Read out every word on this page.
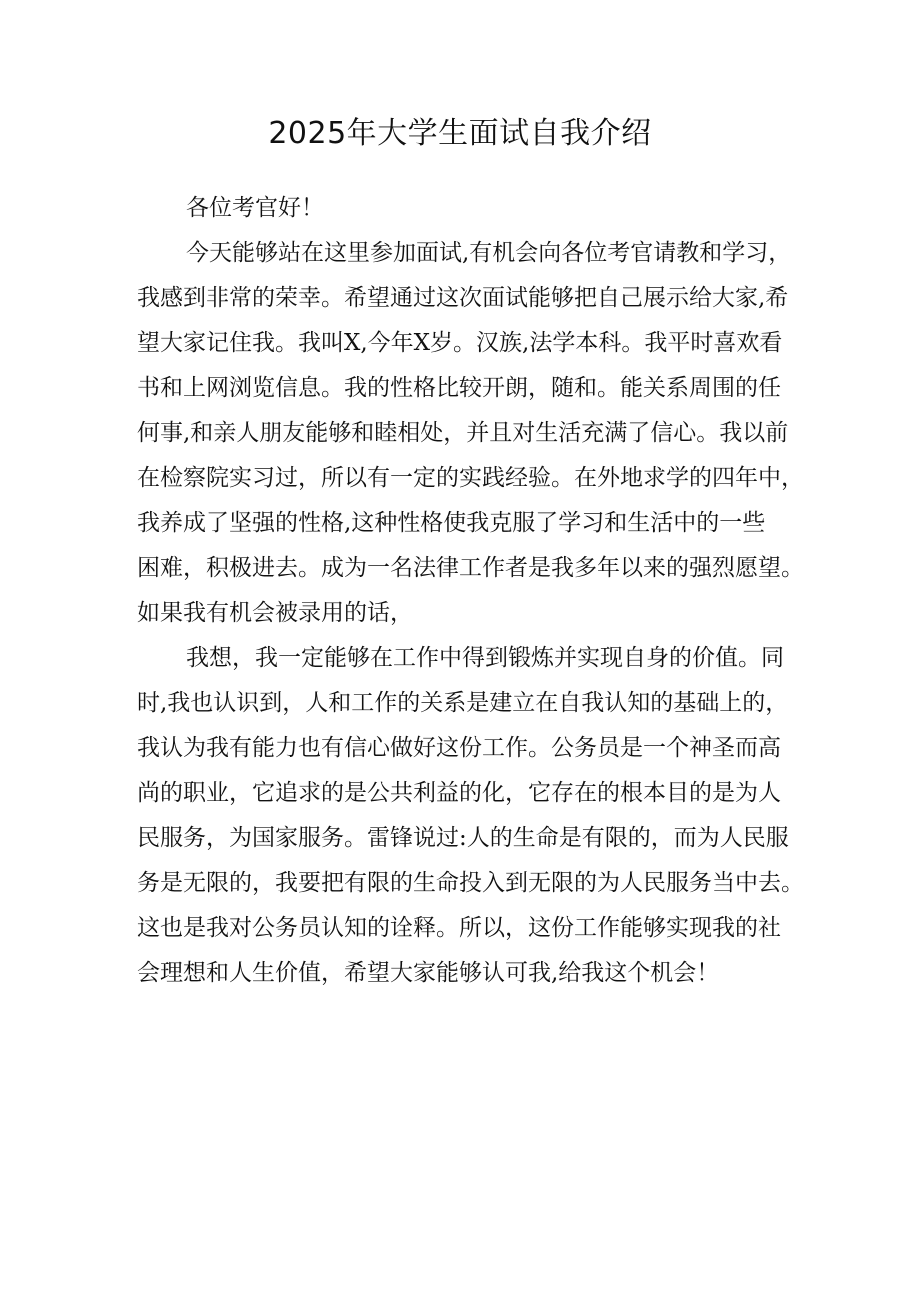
2025年大学生面试自我介绍

各位考官好！

今天能够站在这里参加面试,有机会向各位考官请教和学习，

我感到非常的荣幸。希望通过这次面试能够把自己展示给大家,希

望大家记住我。我叫X,今年X岁。汉族,法学本科。我平时喜欢看

书和上网浏览信息。我的性格比较开朗，随和。能关系周围的任

何事,和亲人朋友能够和睦相处，并且对生活充满了信心。我以前

在检察院实习过，所以有一定的实践经验。在外地求学的四年中，

我养成了坚强的性格,这种性格使我克服了学习和生活中的一些

困难，积极进去。成为一名法律工作者是我多年以来的强烈愿望。

如果我有机会被录用的话，

我想，我一定能够在工作中得到锻炼并实现自身的价值。同

时,我也认识到，人和工作的关系是建立在自我认知的基础上的，

我认为我有能力也有信心做好这份工作。公务员是一个神圣而高

尚的职业，它追求的是公共利益的化，它存在的根本目的是为人

民服务，为国家服务。雷锋说过:人的生命是有限的，而为人民服

务是无限的，我要把有限的生命投入到无限的为人民服务当中去。

这也是我对公务员认知的诠释。所以，这份工作能够实现我的社

会理想和人生价值，希望大家能够认可我,给我这个机会！
